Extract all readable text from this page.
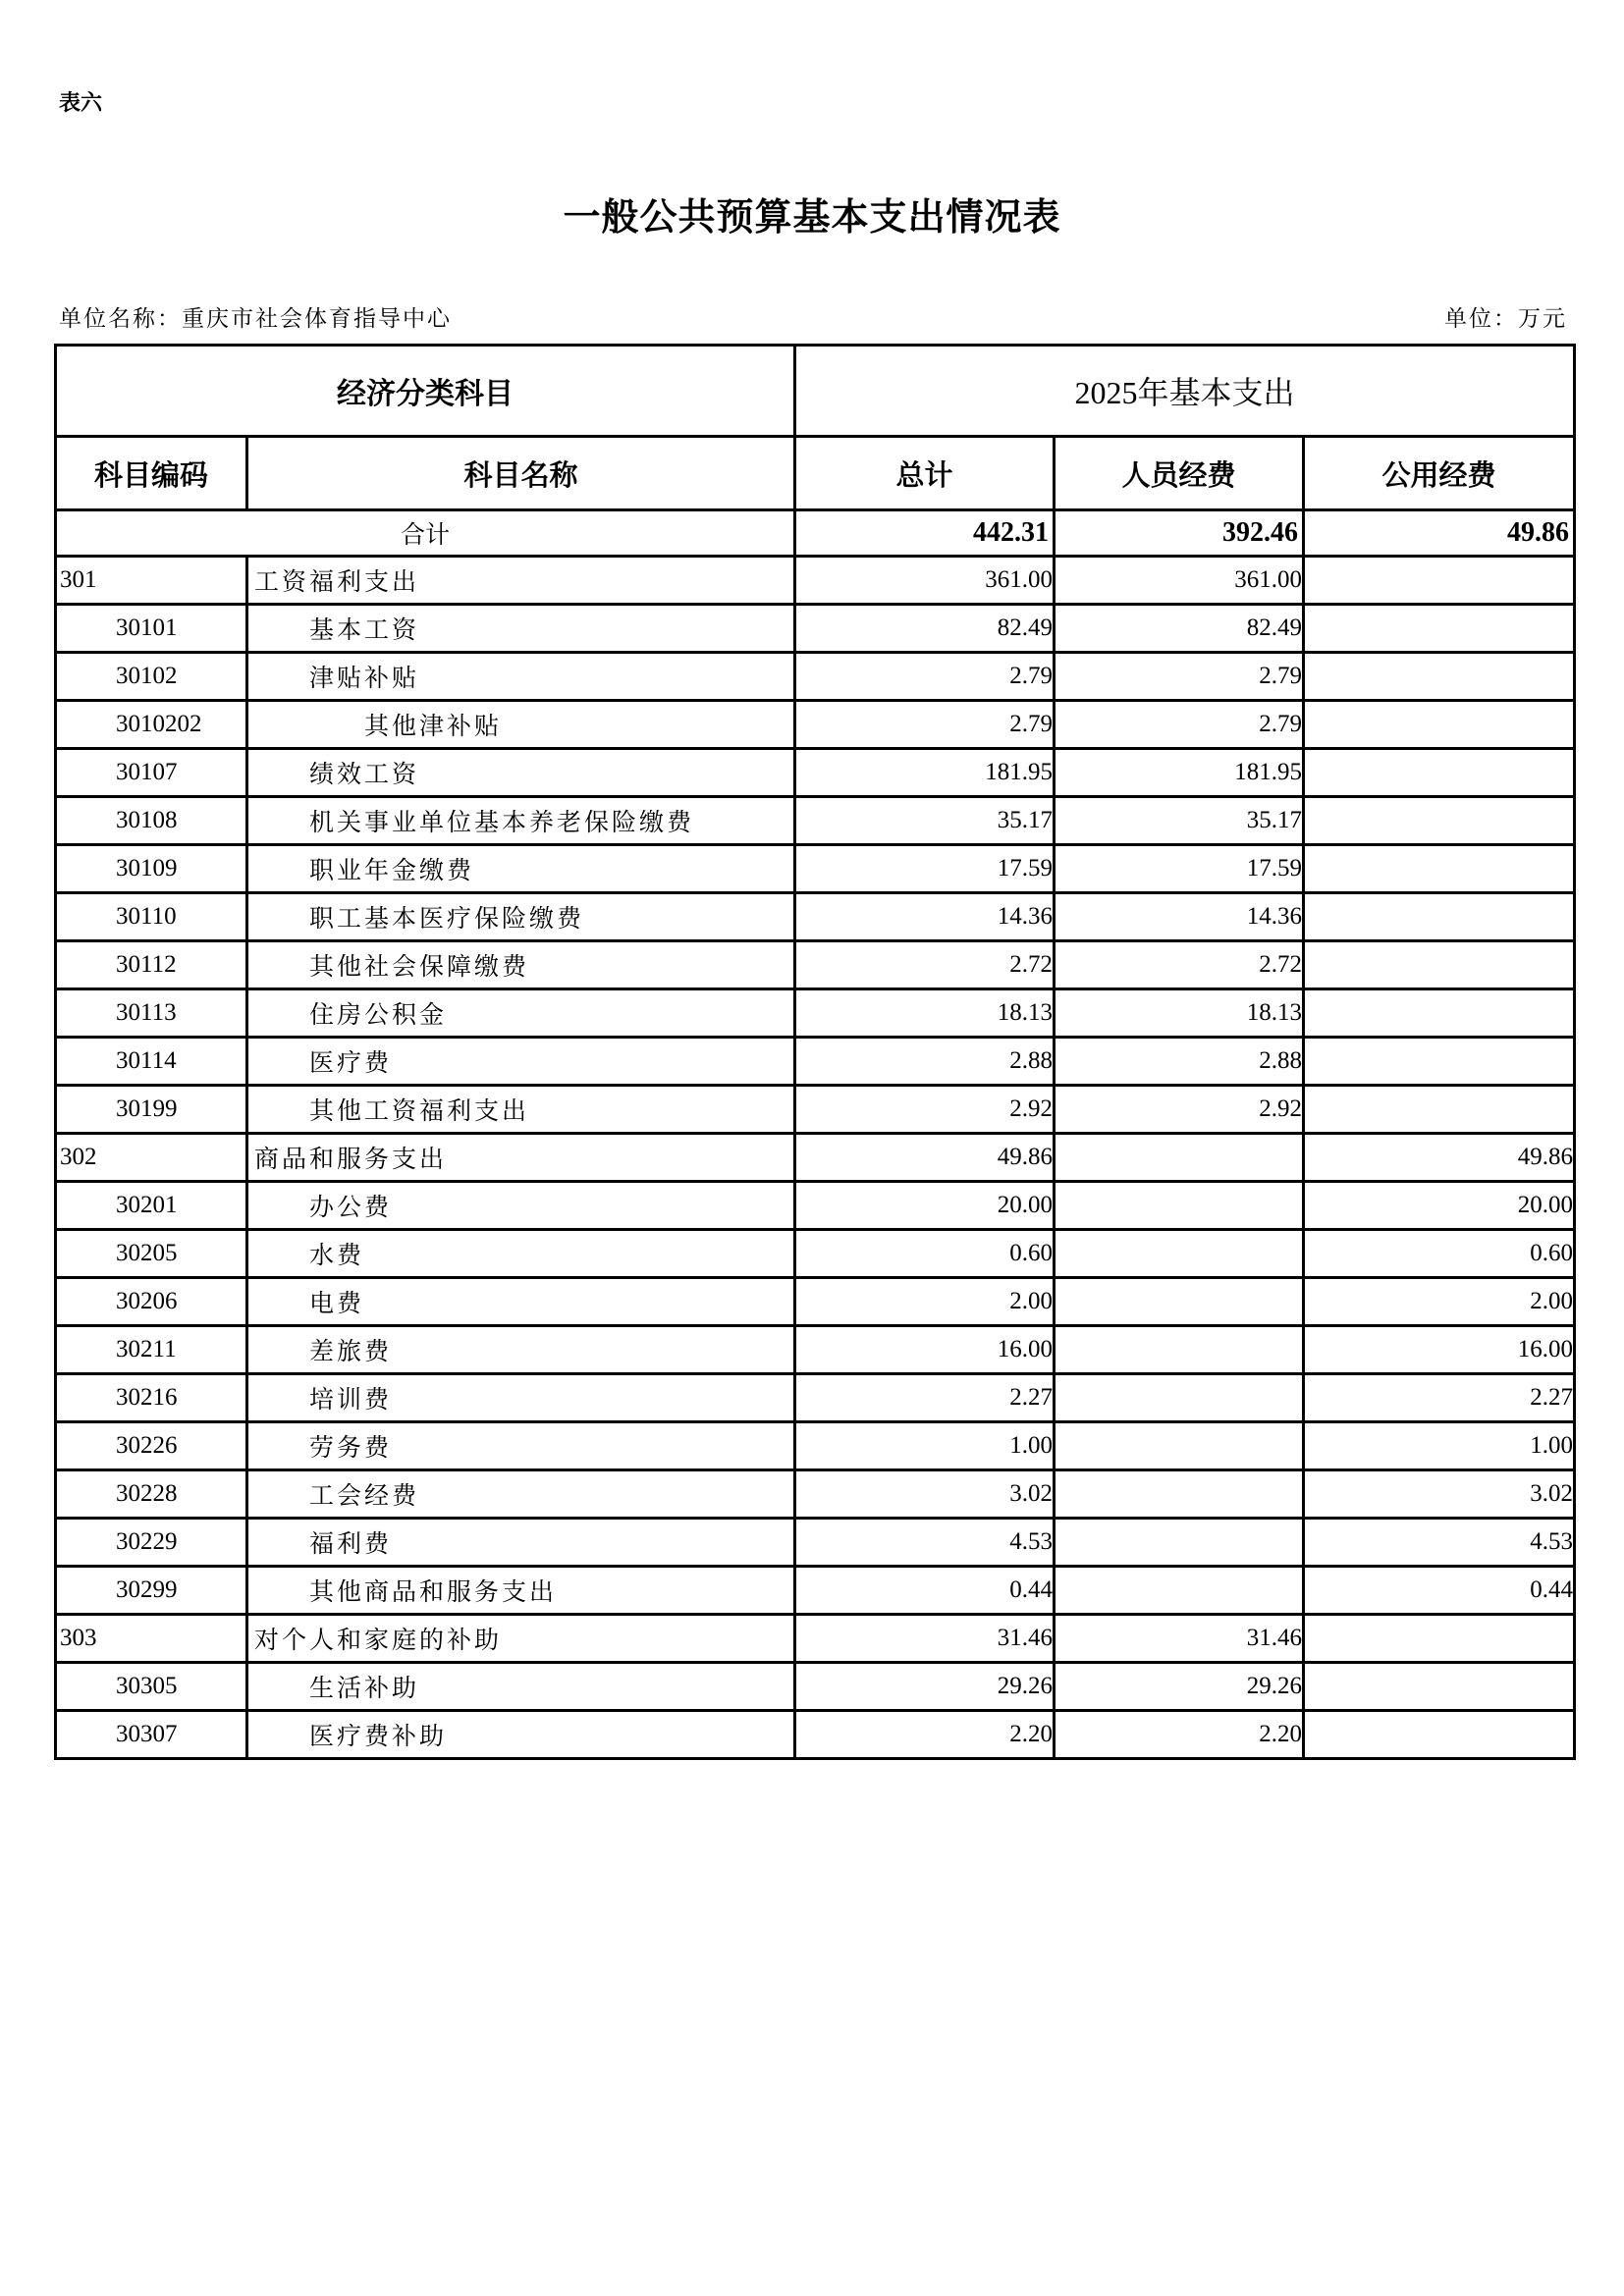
表六
一般公共预算基本支出情况表
单位名称：重庆市社会体育指导中心	单位：万元
经济分类科目		2025年基本支出		
科目编码	科目名称	总计	人员经费	公用经费
合计		442.31	392.46	49.86
301	工资福利支出	361.00	361.00	
30101	基本工资	82.49	82.49	
30102	津贴补贴	2.79	2.79	
3010202	其他津补贴	2.79	2.79	
30107	绩效工资	181.95	181.95	
30108	机关事业单位基本养老保险缴费	35.17	35.17	
30109	职业年金缴费	17.59	17.59	
30110	职工基本医疗保险缴费	14.36	14.36	
30112	其他社会保障缴费	2.72	2.72	
30113	住房公积金	18.13	18.13	
30114	医疗费	2.88	2.88	
30199	其他工资福利支出	2.92	2.92	
302	商品和服务支出	49.86		49.86
30201	办公费	20.00		20.00
30205	水费	0.60		0.60
30206	电费	2.00		2.00
30211	差旅费	16.00		16.00
30216	培训费	2.27		2.27
30226	劳务费	1.00		1.00
30228	工会经费	3.02		3.02
30229	福利费	4.53		4.53
30299	其他商品和服务支出	0.44		0.44
303	对个人和家庭的补助	31.46	31.46	
30305	生活补助	29.26	29.26	
30307	医疗费补助	2.20	2.20	
